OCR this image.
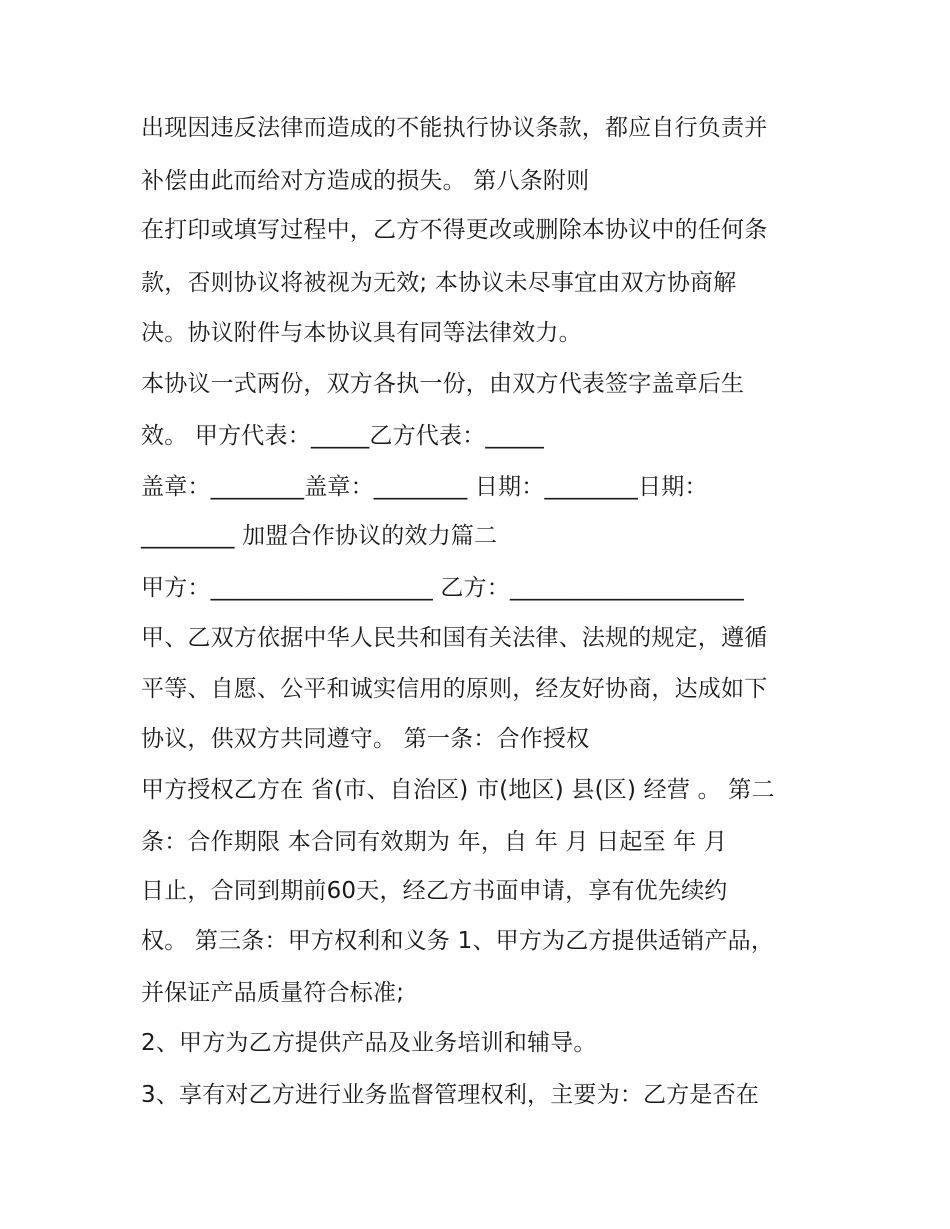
出现因违反法律而造成的不能执行协议条款，都应自行负责并
补偿由此而给对方造成的损失。 第八条附则
在打印或填写过程中，乙方不得更改或删除本协议中的任何条
款，否则协议将被视为无效; 本协议未尽事宜由双方协商解
决。协议附件与本协议具有同等法律效力。
本协议一式两份，双方各执一份，由双方代表签字盖章后生
效。 甲方代表：_____乙方代表：_____
盖章：________盖章：________ 日期：________日期：
________ 加盟合作协议的效力篇二
甲方：___________________ 乙方：____________________
甲、乙双方依据中华人民共和国有关法律、法规的规定，遵循
平等、自愿、公平和诚实信用的原则，经友好协商，达成如下
协议，供双方共同遵守。 第一条：合作授权
甲方授权乙方在 省(市、自治区) 市(地区) 县(区) 经营 。 第二
条：合作期限 本合同有效期为 年，自 年 月 日起至 年 月
日止，合同到期前60天，经乙方书面申请，享有优先续约
权。 第三条：甲方权利和义务 1、甲方为乙方提供适销产品，
并保证产品质量符合标准;
2、甲方为乙方提供产品及业务培训和辅导。
3、享有对乙方进行业务监督管理权利，主要为：乙方是否在
